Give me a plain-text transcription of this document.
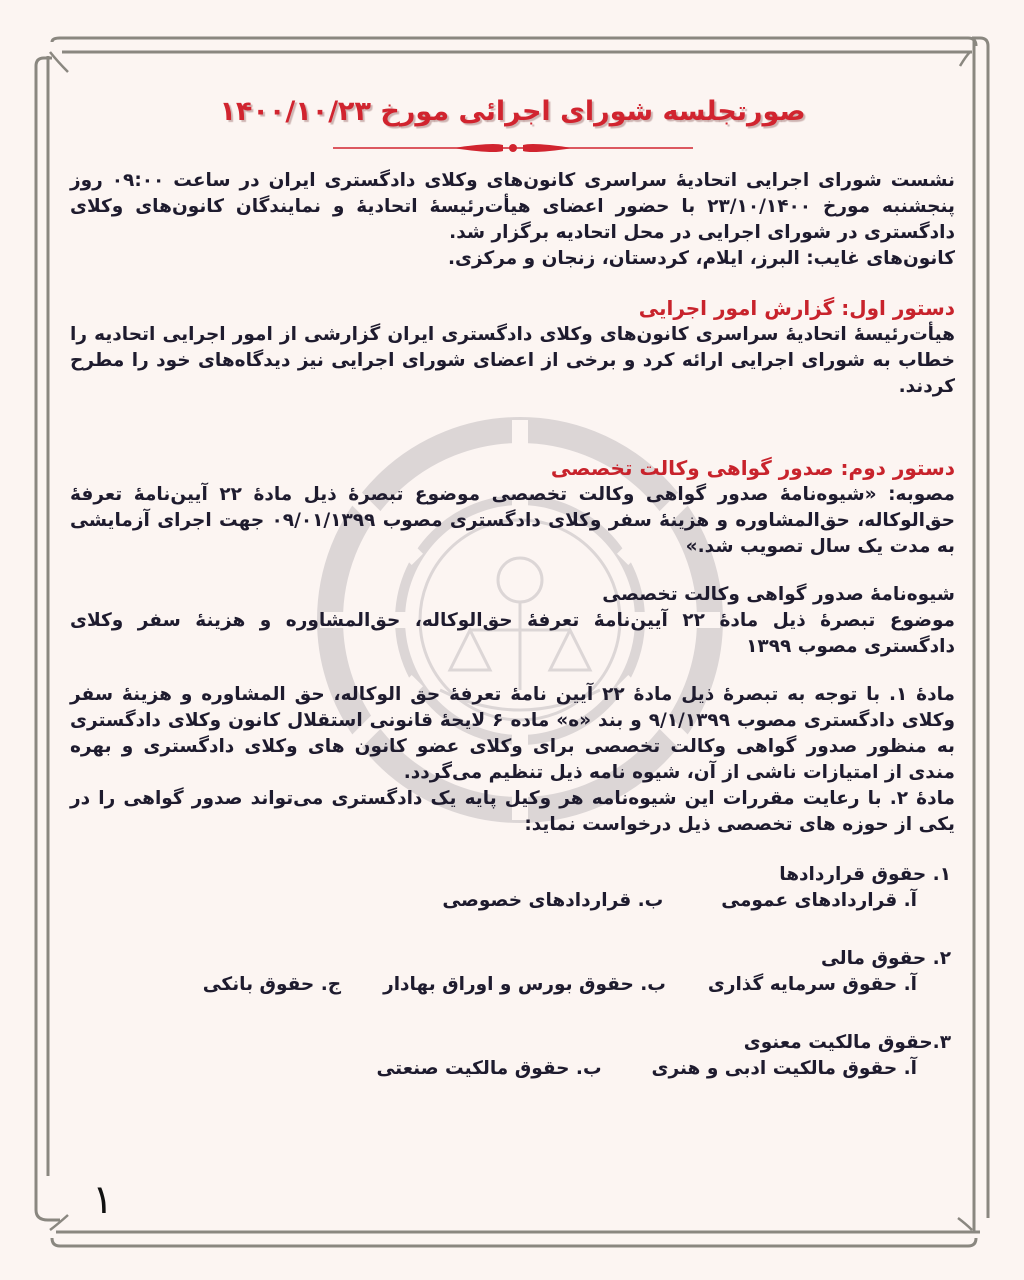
صورتجلسه شورای اجرائی مورخ ۱۴۰۰/۱۰/۲۳

نشست شورای اجرایی اتحادیهٔ سراسری کانون‌های وکلای دادگستری ایران در ساعت ۰۹:۰۰ روز پنجشنبه مورخ ۲۳/۱۰/۱۴۰۰ با حضور اعضای هیأت‌رئیسهٔ اتحادیهٔ و نمایندگان کانون‌های وکلای دادگستری در شورای اجرایی در محل اتحادیه برگزار شد.

کانون‌های غایب: البرز، ایلام، کردستان، زنجان و مرکزی.

دستور اول: گزارش امور اجرایی

هیأت‌رئیسهٔ اتحادیهٔ سراسری کانون‌های وکلای دادگستری ایران گزارشی از امور اجرایی اتحادیه را خطاب به شورای اجرایی ارائه کرد و برخی از اعضای شورای اجرایی نیز دیدگاه‌های خود را مطرح کردند.

دستور دوم: صدور گواهی وکالت تخصصی

مصوبه: «شیوه‌نامهٔ صدور گواهی وکالت تخصصی موضوع تبصرهٔ ذیل مادهٔ ۲۲ آیین‌نامهٔ تعرفهٔ حق‌الوکاله، حق‌المشاوره و هزینهٔ سفر وکلای دادگستری مصوب ۰۹/۰۱/۱۳۹۹ جهت اجرای آزمایشی به مدت یک سال تصویب شد.»

شیوه‌نامهٔ صدور گواهی وکالت تخصصی

موضوع تبصرهٔ ذیل مادهٔ ۲۲ آیین‌نامهٔ تعرفهٔ حق‌الوکاله، حق‌المشاوره و هزینهٔ سفر وکلای دادگستری مصوب ۱۳۹۹

مادهٔ ۱. با توجه به تبصرهٔ ذیل مادهٔ ۲۲ آیین نامهٔ تعرفهٔ حق الوکاله، حق المشاوره و هزینهٔ سفر وکلای دادگستری مصوب ۹/۱/۱۳۹۹ و بند «ه» ماده ۶ لایحهٔ قانونی استقلال کانون وکلای دادگستری به منظور صدور گواهی وکالت تخصصی برای وکلای عضو کانون های وکلای دادگستری و بهره مندی از امتیازات ناشی از آن، شیوه نامه ذیل تنظیم می‌گردد.

مادهٔ ۲. با رعایت مقررات این شیوه‌نامه هر وکیل پایه یک دادگستری می‌تواند صدور گواهی را در یکی از حوزه های تخصصی ذیل درخواست نماید:

۱. حقوق قراردادها

آ. قراردادهای عمومیب. قراردادهای خصوصی

۲. حقوق مالی

آ. حقوق سرمایه گذاریب. حقوق بورس و اوراق بهادارج. حقوق بانکی

۳.حقوق مالکیت معنوی

آ. حقوق مالکیت ادبی و هنریب. حقوق مالکیت صنعتی

۱
